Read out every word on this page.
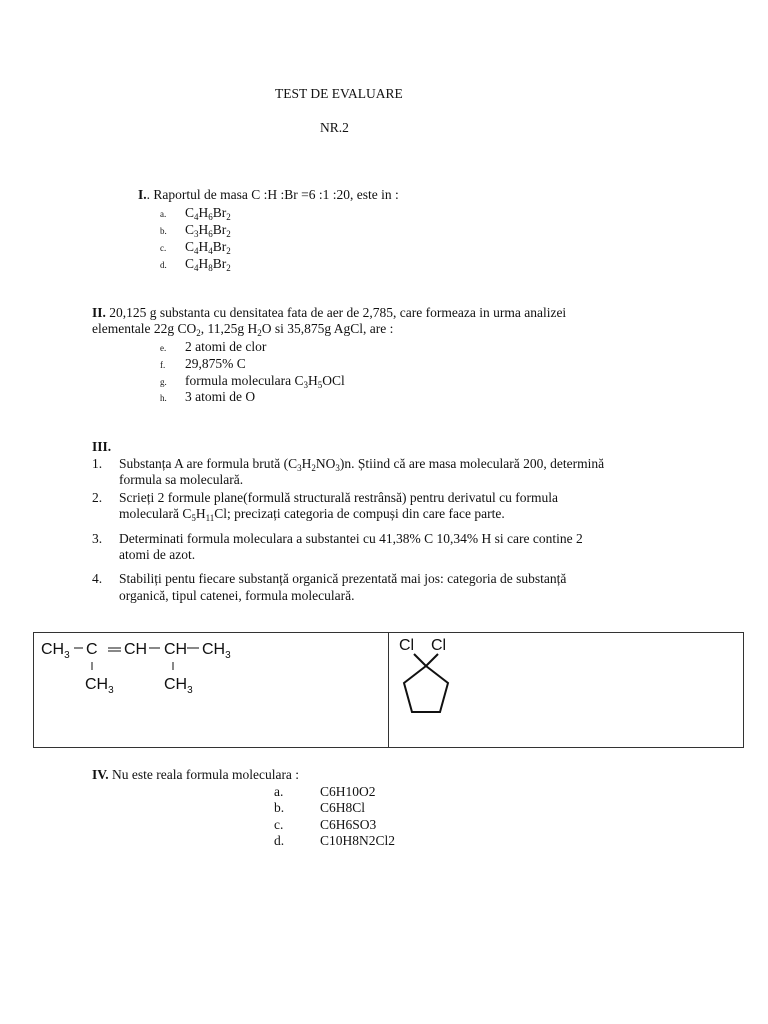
TEST DE EVALUARE
NR.2
I.. Raportul de masa C :H :Br =6 :1 :20, este in :
a. $C_4H_6Br_2$
b. $C_3H_6Br_2$
c. $C_4H_4Br_2$
d. $C_4H_8Br_2$
II. 20,125 g substanta cu densitatea fata de aer de 2,785, care formeaza in urma analizei
elementale 22g $CO_2$, 11,25g $H_2O$ si 35,875g AgCl, are :
e. 2 atomi de clor
f. 29,875% C
g. formula moleculara $C_3H_5OCl$
h. 3 atomi de O
III.
1. Substanța A are formula brută $(C_3H_2NO_3)n$. Știind că are masa moleculară 200, determină
formula sa moleculară.
2. Scrieți 2 formule plane(formulă structurală restrânsă) pentru derivatul cu formula
moleculară $C_5H_{11}Cl$; precizați categoria de compuși din care face parte.
3. Determinati formula moleculara a substantei cu 41,38% C 10,34% H si care contine 2
atomi de azot.
4. Stabiliți pentu fiecare substanță organică prezentată mai jos: categoria de substanță
organică, tipul catenei, formula moleculară.
$CH_3$ C CH CH $CH_3$
$CH_3$	$CH_3$

Cl Cl
IV. Nu este reala formula moleculara :
a.	C6H10O2
b.	C6H8Cl
c.	C6H6SO3
d.	C10H8N2Cl2
